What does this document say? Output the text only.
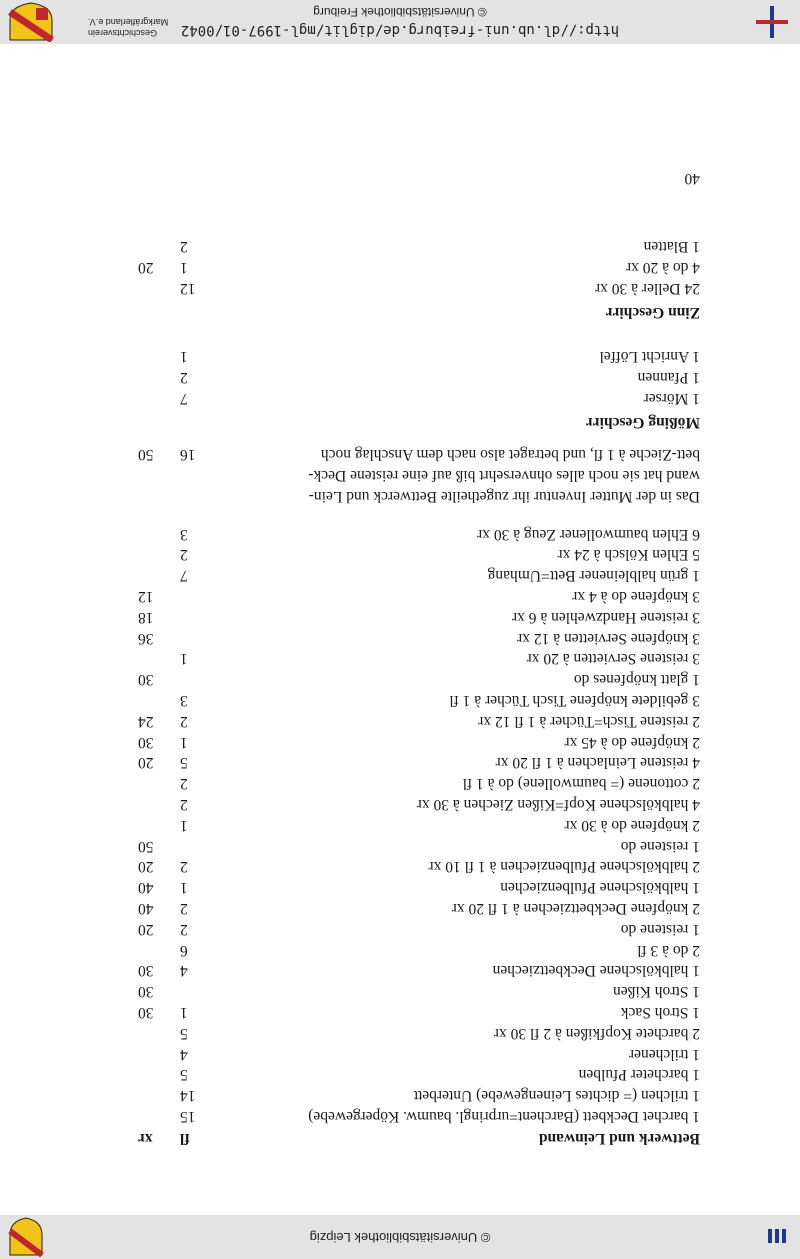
© Universitätsbibliothek Leipzig
Bettwerk und Leinwand
fl
xr
1 barchet Deckbett (Barchent=urpringl. baumw. Köpergewebe)
15
1 trilchen (= dichtes Leinengewebe) Unterbett
14
1 barcheter Pfulben
5
1 trilchener
4
2 barchete Kopfkißen à 2 fl 30 xr
5
1 Stroh Sack
1
30
1 Stroh Kißen
30
1 halbkölschene Deckbettziechen
4
30
2 do à 3 fl
6
1 reistene do
2
20
2 knöpfene Deckbettziechen à 1 fl 20 xr
2
40
1 halbkölschene Pfulbenziechen
1
40
2 halbkölschene Pfulbenziechen à 1 fl 10 xr
2
20
1 reistene do
50
2 knöpfene do à 30 xr
1
4 halbkölschene Kopf=Kißen Ziechen à 30 xr
2
2 cottonene (= baumwollene) do à 1 fl
2
4 reistene Leinlachen à 1 fl 20 xr
5
20
2 knöpfene do à 45 xr
1
30
2 reistene Tisch=Tücher à 1 fl 12 xr
2
24
3 gebildete knöpfene Tisch Tücher à 1 fl
3
1 glatt knöpfenes do
30
3 reistene Servietten à 20 xr
1
3 knöpfene Servietten à 12 xr
36
3 reistene Handzwehlen à 6 xr
18
3 knöpfene do à 4 xr
12
1 grün halbleinener Bett=Umhang
7
5 Ehlen Kölsch à 24 xr
2
6 Ehlen baumwollener Zeug à 30 xr
3
Das in der Mutter Inventur ihr zugetheilte Bettwerck und Lein-
wand hat sie noch alles ohnversehrt biß auf eine reistene Deck-
bett-Zieche à 1 fl, und betraget also nach dem Anschlag noch
16
50
Mößing Geschirr
1 Mörser
7
1 Pfannen
2
1 Anricht Löffel
1
Zinn Geschirr
24 Deller à 30 xr
12
4 do à 20 xr
1
20
1 Blatten
2
40
http://dl.ub.uni-freiburg.de/diglit/mgl-1997-01/0042
© Universitätsbibliothek Freiburg
Geschichtsverein Markgräflerland e.V.
